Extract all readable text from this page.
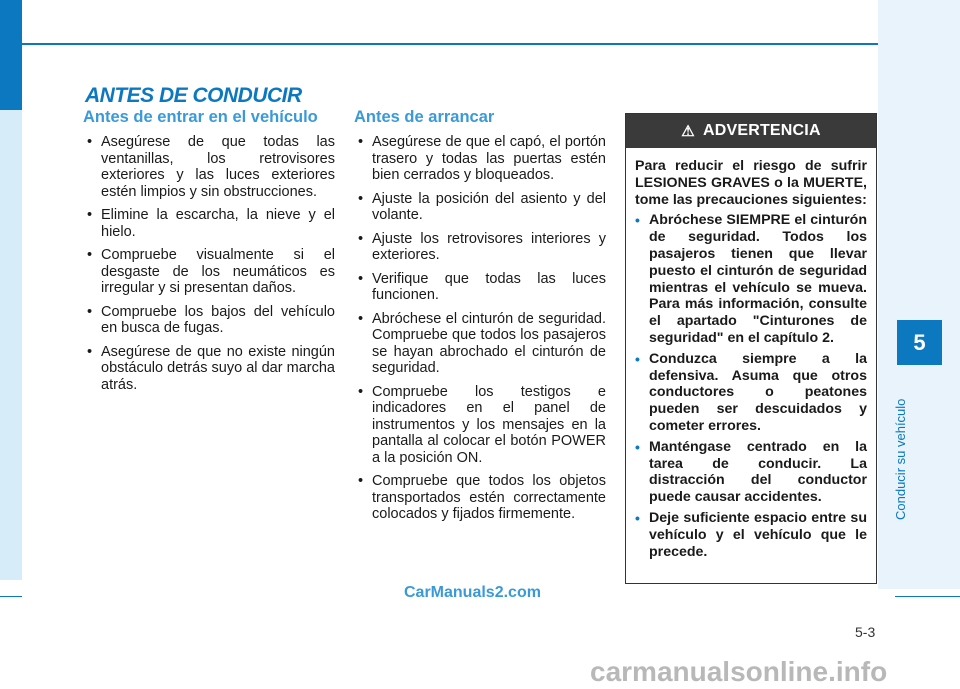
5
ANTES DE CONDUCIR
Antes de entrar en el vehículo
• Asegúrese de que todas las ventanillas, los retrovisores exteriores y las luces exteriores estén limpios y sin obstrucciones.
• Elimine la escarcha, la nieve y el hielo.
• Compruebe visualmente si el desgaste de los neumáticos es irregular y si presentan daños.
• Compruebe los bajos del vehículo en busca de fugas.
• Asegúrese de que no existe ningún obstáculo detrás suyo al dar marcha atrás.
Antes de arrancar
• Asegúrese de que el capó, el portón trasero y todas las puertas estén bien cerrados y bloqueados.
• Ajuste la posición del asiento y del volante.
• Ajuste los retrovisores interiores y exteriores.
• Verifique que todas las luces funcionen.
• Abróchese el cinturón de seguridad. Compruebe que todos los pasajeros se hayan abrochado el cinturón de seguridad.
• Compruebe los testigos e indicadores en el panel de instrumentos y los mensajes en la pantalla al colocar el botón POWER a la posición ON.
• Compruebe que todos los objetos transportados estén correctamente colocados y fijados firmemente.
⚠ ADVERTENCIA
Para reducir el riesgo de sufrir LESIONES GRAVES o la MUERTE, tome las precauciones siguientes:
• Abróchese SIEMPRE el cinturón de seguridad. Todos los pasajeros tienen que llevar puesto el cinturón de seguridad mientras el vehículo se mueva. Para más información, consulte el apartado "Cinturones de seguridad" en el capítulo 2.
• Conduzca siempre a la defensiva. Asuma que otros conductores o peatones pueden ser descuidados y cometer errores.
• Manténgase centrado en la tarea de conducir. La distracción del conductor puede causar accidentes.
• Deje suficiente espacio entre su vehículo y el vehículo que le precede.
CarManuals2.com
5-3
carmanualsonline.info
